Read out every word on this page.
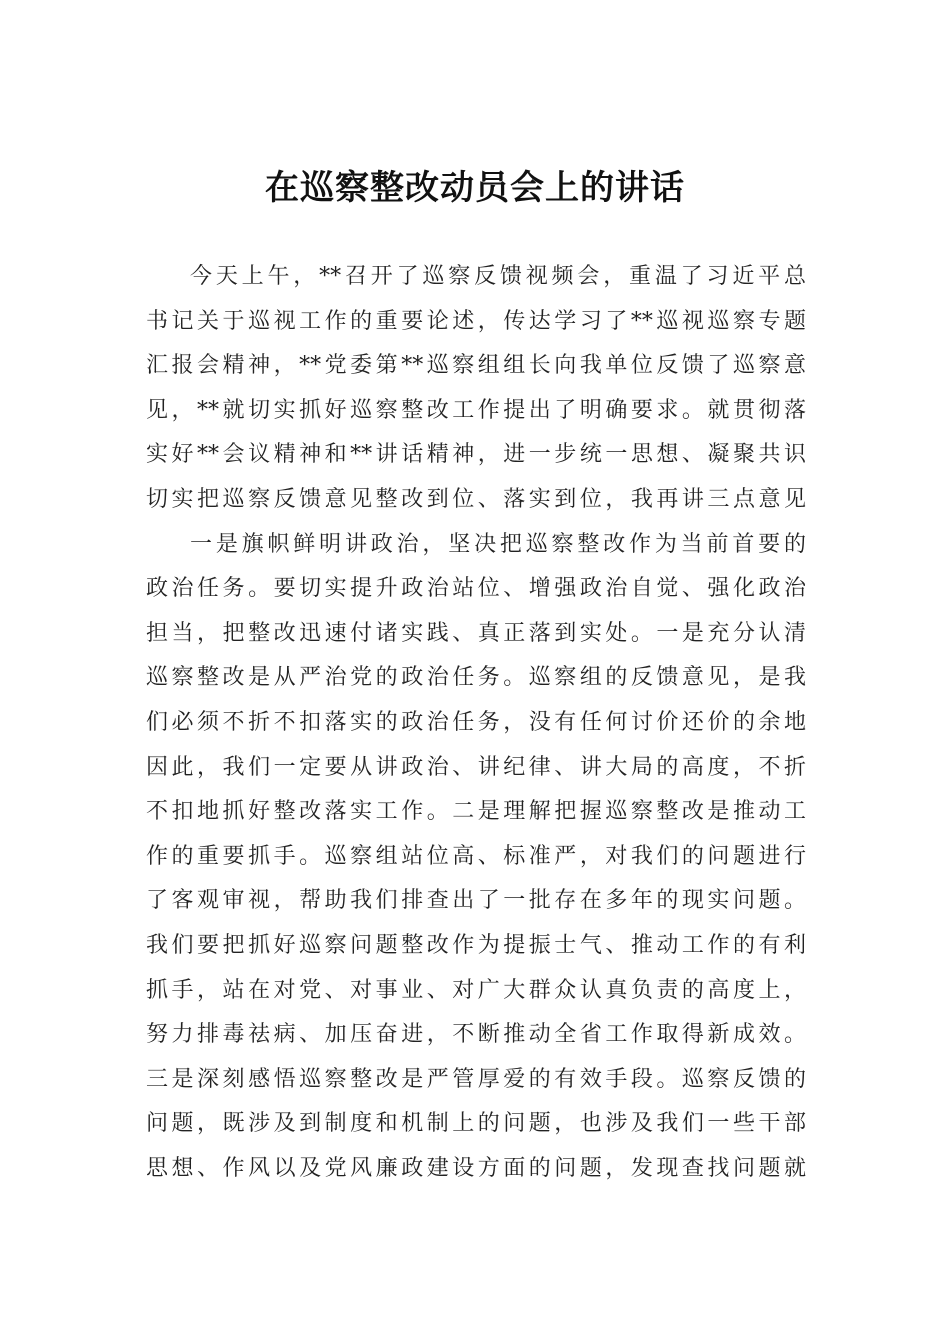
在巡察整改动员会上的讲话
今天上午，**召开了巡察反馈视频会，重温了习近平总
书记关于巡视工作的重要论述，传达学习了**巡视巡察专题
汇报会精神，**党委第**巡察组组长向我单位反馈了巡察意
见，**就切实抓好巡察整改工作提出了明确要求。就贯彻落
实好**会议精神和**讲话精神，进一步统一思想、凝聚共识
切实把巡察反馈意见整改到位、落实到位，我再讲三点意见
一是旗帜鲜明讲政治，坚决把巡察整改作为当前首要的
政治任务。要切实提升政治站位、增强政治自觉、强化政治
担当，把整改迅速付诸实践、真正落到实处。一是充分认清
巡察整改是从严治党的政治任务。巡察组的反馈意见，是我
们必须不折不扣落实的政治任务，没有任何讨价还价的余地
因此，我们一定要从讲政治、讲纪律、讲大局的高度，不折
不扣地抓好整改落实工作。二是理解把握巡察整改是推动工
作的重要抓手。巡察组站位高、标准严，对我们的问题进行
了客观审视，帮助我们排查出了一批存在多年的现实问题。
我们要把抓好巡察问题整改作为提振士气、推动工作的有利
抓手，站在对党、对事业、对广大群众认真负责的高度上，
努力排毒祛病、加压奋进，不断推动全省工作取得新成效。
三是深刻感悟巡察整改是严管厚爱的有效手段。巡察反馈的
问题，既涉及到制度和机制上的问题，也涉及我们一些干部
思想、作风以及党风廉政建设方面的问题，发现查找问题就
